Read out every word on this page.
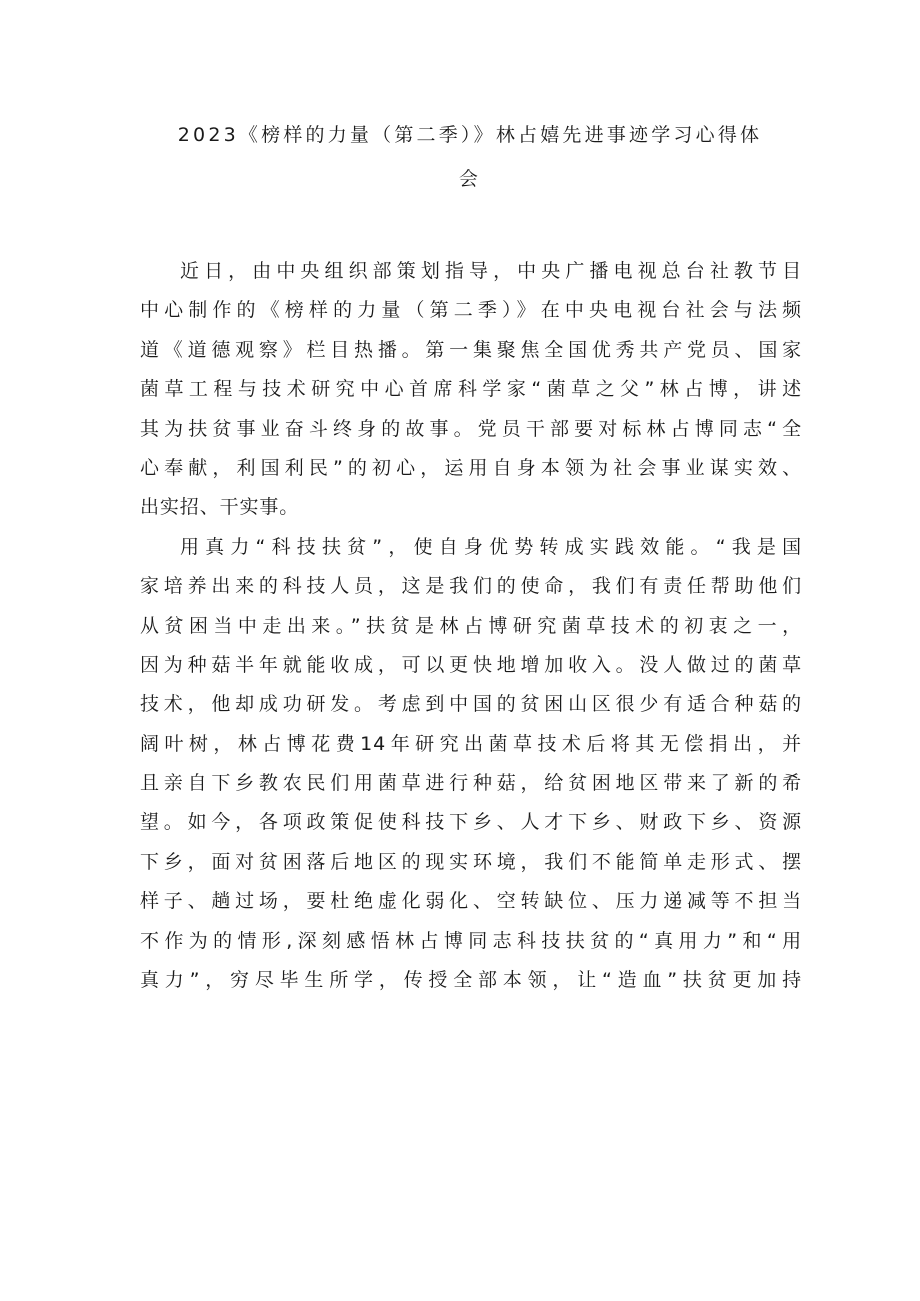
2023《榜样的力量（第二季）》林占嬉先进事迹学习心得体
会
近日，由中央组织部策划指导，中央广播电视总台社教节目
中心制作的《榜样的力量（第二季）》在中央电视台社会与法频
道《道德观察》栏目热播。第一集聚焦全国优秀共产党员、国家
菌草工程与技术研究中心首席科学家“菌草之父”林占博，讲述
其为扶贫事业奋斗终身的故事。党员干部要对标林占博同志“全
心奉献，利国利民”的初心，运用自身本领为社会事业谋实效、
出实招、干实事。
用真力“科技扶贫”，使自身优势转成实践效能。“我是国
家培养出来的科技人员，这是我们的使命，我们有责任帮助他们
从贫困当中走出来。”扶贫是林占博研究菌草技术的初衷之一，
因为种菇半年就能收成，可以更快地增加收入。没人做过的菌草
技术，他却成功研发。考虑到中国的贫困山区很少有适合种菇的
阔叶树，林占博花费14年研究出菌草技术后将其无偿捐出，并
且亲自下乡教农民们用菌草进行种菇，给贫困地区带来了新的希
望。如今，各项政策促使科技下乡、人才下乡、财政下乡、资源
下乡，面对贫困落后地区的现实环境，我们不能简单走形式、摆
样子、趟过场，要杜绝虚化弱化、空转缺位、压力递减等不担当
不作为的情形,深刻感悟林占博同志科技扶贫的“真用力”和“用
真力”，穷尽毕生所学，传授全部本领，让“造血”扶贫更加持
